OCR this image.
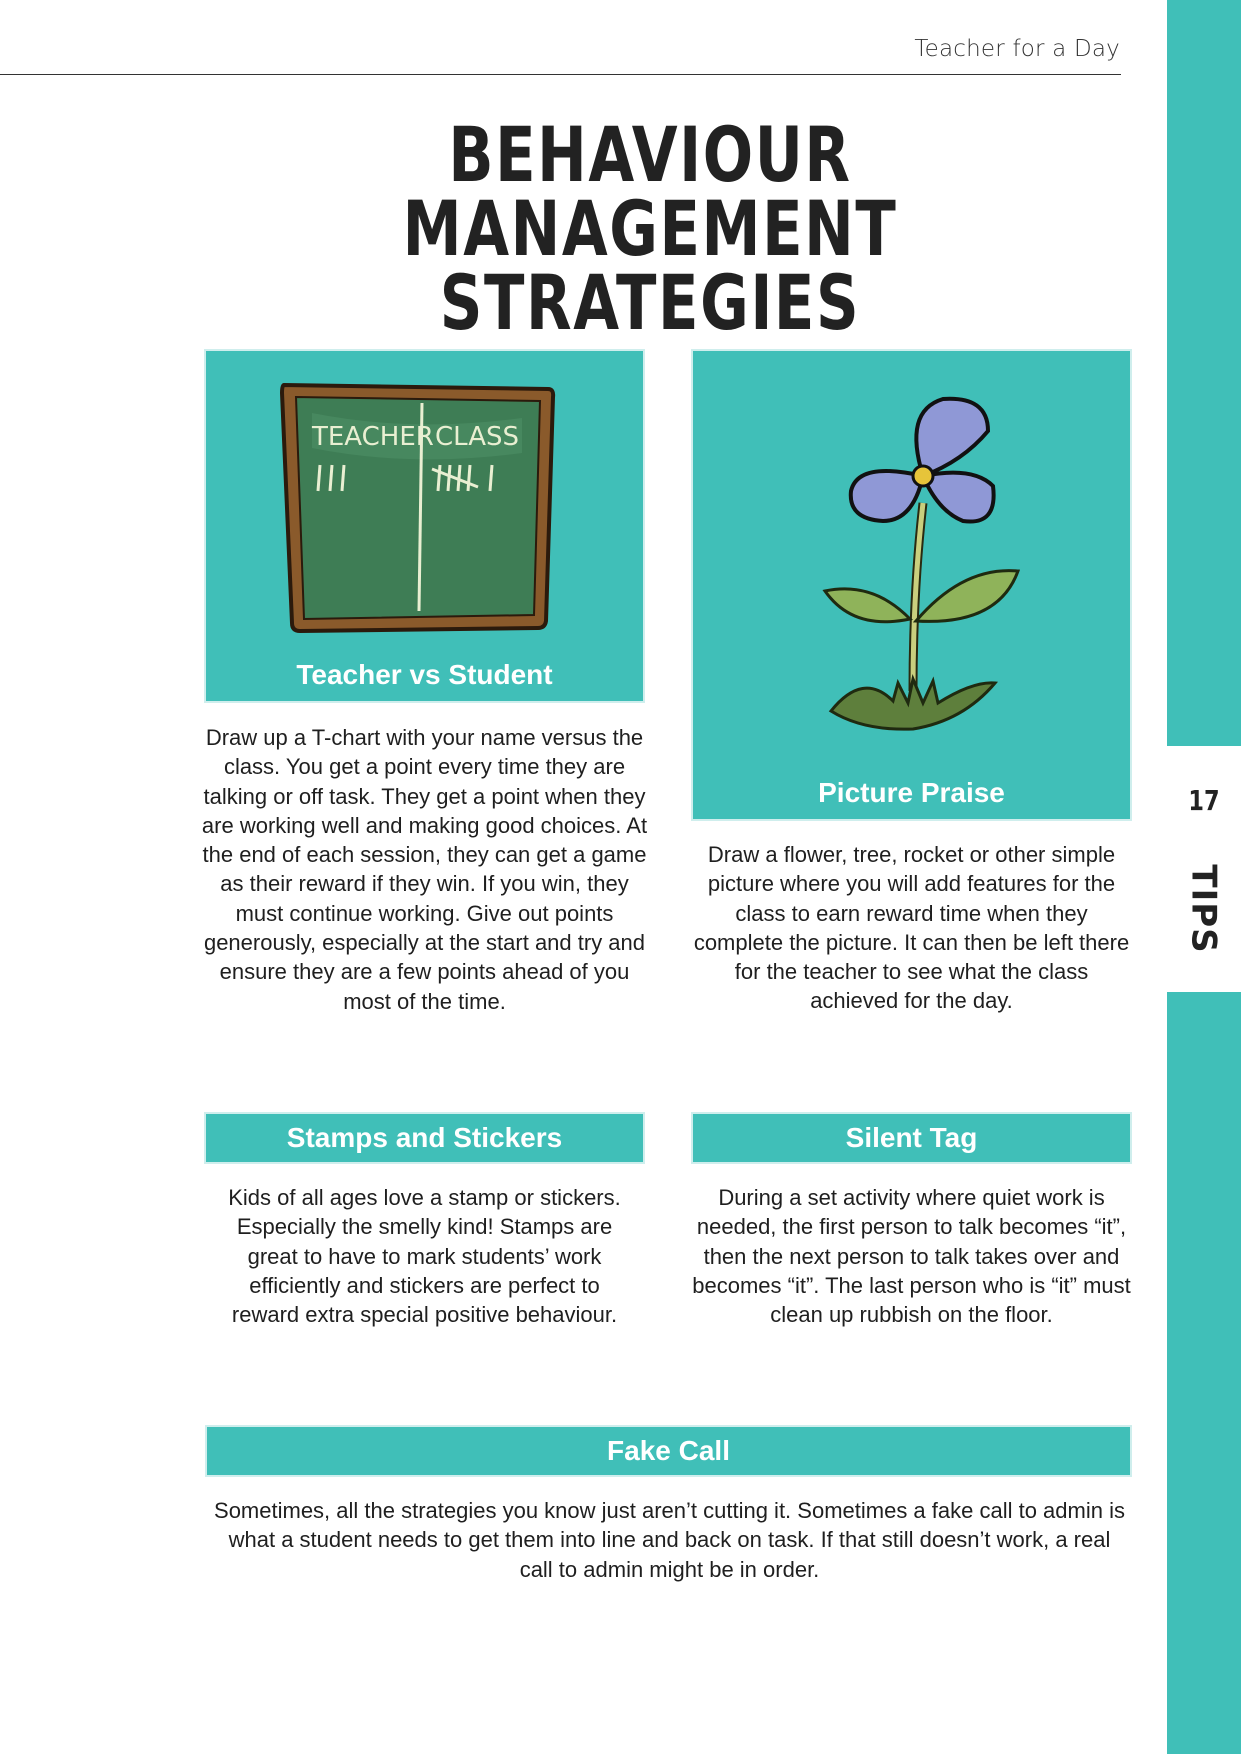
Teacher for a Day
17
TIPS
BEHAVIOUR MANAGEMENT
STRATEGIES
TEACHER CLASS
Teacher vs Student
Draw up a T-chart with your name versus the class. You get a point every time they are talking or off task. They get a point when they are working well and making good choices. At the end of each session, they can get a game as their reward if they win. If you win, they must continue working. Give out points generously, especially at the start and try and ensure they are a few points ahead of you most of the time.
Picture Praise
Draw a flower, tree, rocket or other simple picture where you will add features for the class to earn reward time when they complete the picture. It can then be left there for the teacher to see what the class achieved for the day.
Stamps and Stickers
Kids of all ages love a stamp or stickers. Especially the smelly kind! Stamps are great to have to mark students’ work efficiently and stickers are perfect to reward extra special positive behaviour.
Silent Tag
During a set activity where quiet work is needed, the first person to talk becomes “it”, then the next person to talk takes over and becomes “it”. The last person who is “it” must clean up rubbish on the floor.
Fake Call
Sometimes, all the strategies you know just aren’t cutting it. Sometimes a fake call to admin is what a student needs to get them into line and back on task. If that still doesn’t work, a real call to admin might be in order.
